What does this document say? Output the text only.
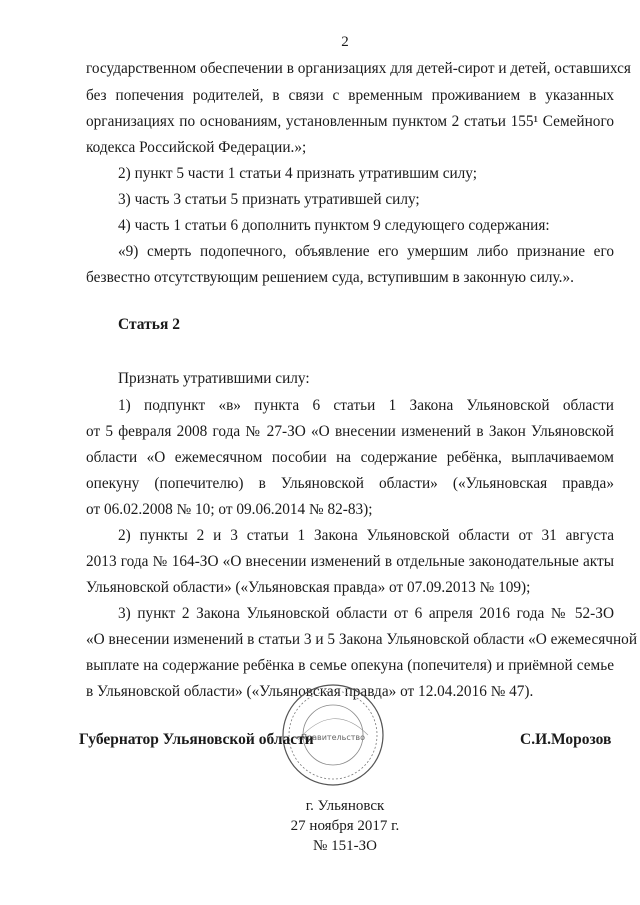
2
государственном обеспечении в организациях для детей-сирот и детей, оставшихся
без попечения родителей, в связи с временным проживанием в указанных
организациях по основаниям, установленным пунктом 2 статьи 155¹ Семейного
кодекса Российской Федерации.»;
2) пункт 5 части 1 статьи 4 признать утратившим силу;
3) часть 3 статьи 5 признать утратившей силу;
4) часть 1 статьи 6 дополнить пунктом 9 следующего содержания:
«9) смерть подопечного, объявление его умершим либо признание его
безвестно отсутствующим решением суда, вступившим в законную силу.».
Статья 2
Признать утратившими силу:
1) подпункт «в» пункта 6 статьи 1 Закона Ульяновской области
от 5 февраля 2008 года № 27-ЗО «О внесении изменений в Закон Ульяновской
области «О ежемесячном пособии на содержание ребёнка, выплачиваемом
опекуну (попечителю) в Ульяновской области» («Ульяновская правда»
от 06.02.2008 № 10; от 09.06.2014 № 82-83);
2) пункты 2 и 3 статьи 1 Закона Ульяновской области от 31 августа
2013 года № 164-ЗО «О внесении изменений в отдельные законодательные акты
Ульяновской области» («Ульяновская правда» от 07.09.2013 № 109);
3) пункт 2 Закона Ульяновской области от 6 апреля 2016 года № 52-ЗО
«О внесении изменений в статьи 3 и 5 Закона Ульяновской области «О ежемесячной
выплате на содержание ребёнка в семье опекуна (попечителя) и приёмной семье
в Ульяновской области» («Ульяновская правда» от 12.04.2016 № 47).
Правительство
Губернатор Ульяновской области	С.И.Морозов
г. Ульяновск
27 ноября 2017 г.
№ 151-ЗО
